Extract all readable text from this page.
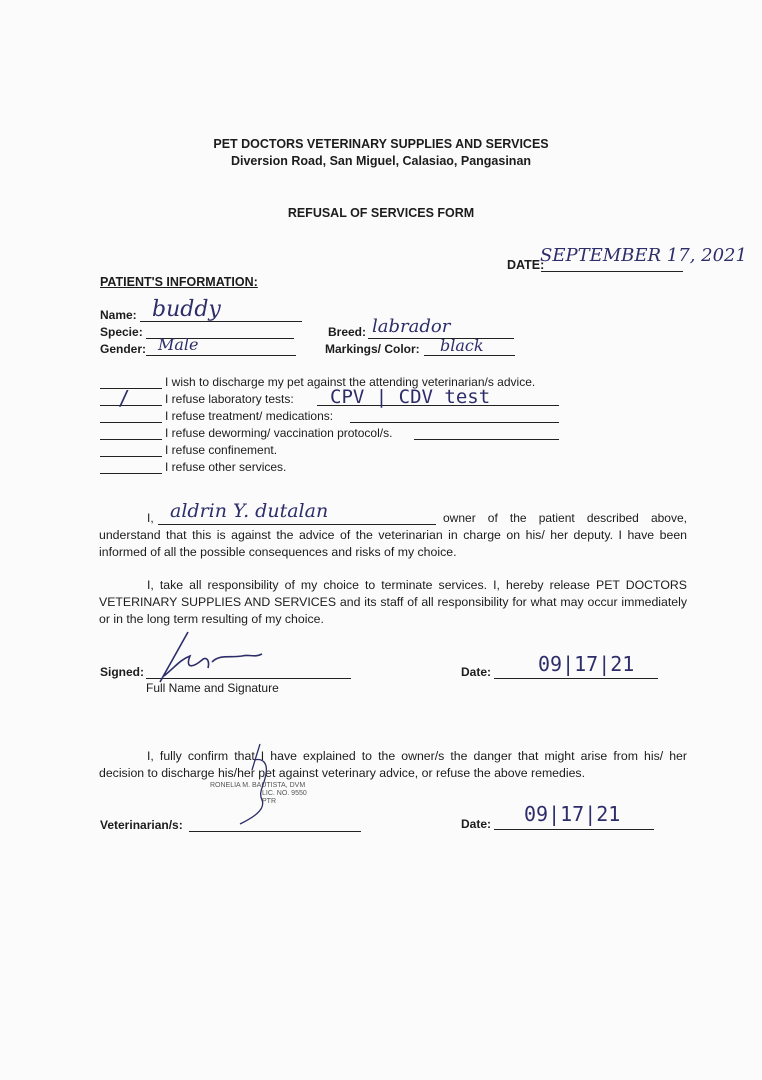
PET DOCTORS VETERINARY SUPPLIES AND SERVICES
Diversion Road, San Miguel, Calasiao, Pangasinan
REFUSAL OF SERVICES FORM
DATE:
SEPTEMBER 17, 2021
PATIENT'S INFORMATION:
Name: buddy
Specie:
Gender: Male
Breed: labrador
Markings/ Color: black
I wish to discharge my pet against the attending veterinarian/s advice.
/	I refuse laboratory tests: CPV | CDV test
I refuse treatment/ medications:
I refuse deworming/ vaccination protocol/s.
I refuse confinement.
I refuse other services.
I, aldrin Y. dutalan	owner of the patient described above,
understand that this is against the advice of the veterinarian in charge on his/ her deputy. I have been informed of all the possible consequences and risks of my choice.
I, take all responsibility of my choice to terminate services. I, hereby release PET DOCTORS VETERINARY SUPPLIES AND SERVICES and its staff of all responsibility for what may occur immediately or in the long term resulting of my choice.
Signed:
Full Name and Signature
Date: 09|17|21
I, fully confirm that I have explained to the owner/s the danger that might arise from his/ her decision to discharge his/her pet against veterinary advice, or refuse the above remedies.
RONELIA M. BAUTISTA, DVM
LIC. NO. 9550
PTR
Veterinarian/s:	Date: 09|17|21
